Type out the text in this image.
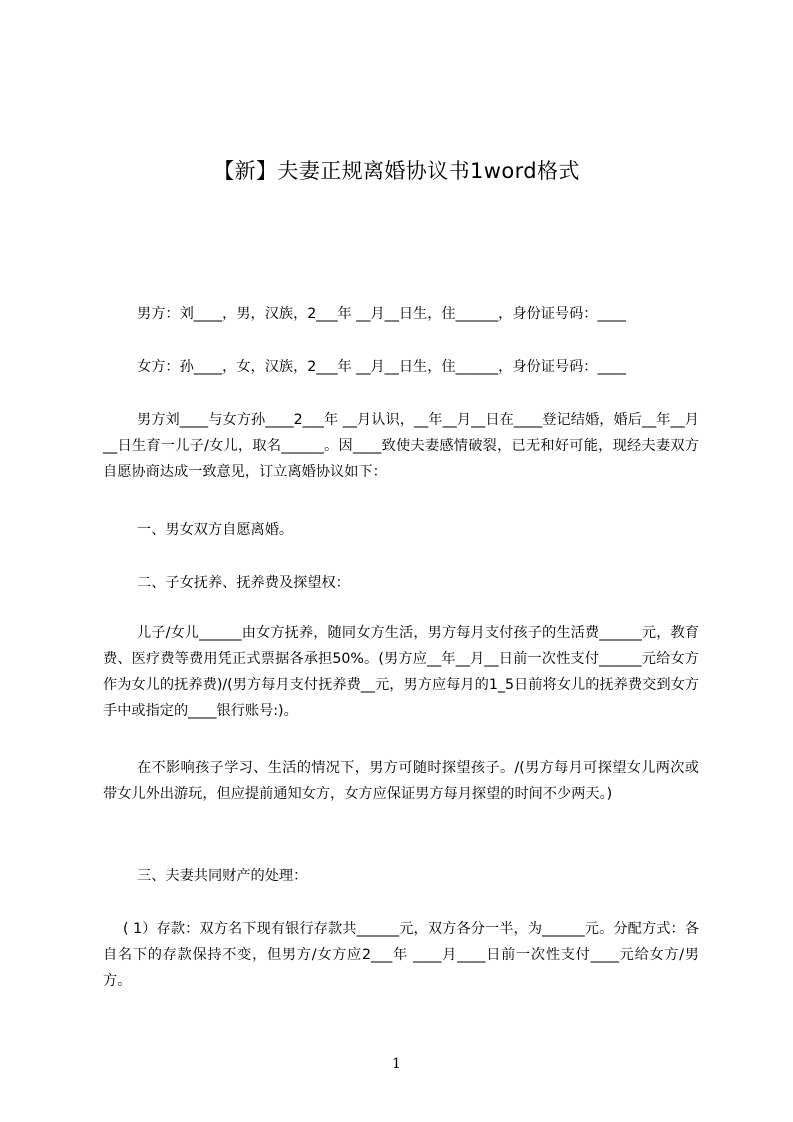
【新】夫妻正规离婚协议书1word格式

男方：刘____，男，汉族，2___年 __月__日生，住______，身份证号码：____

女方：孙____，女，汉族，2___年 __月__日生，住______，身份证号码：____

男方刘____与女方孙____2___年 __月认识，__年__月__日在____登记结婚，婚后__年__月__日生育一儿子/女儿，取名______。因____致使夫妻感情破裂，已无和好可能，现经夫妻双方自愿协商达成一致意见，订立离婚协议如下：

一、男女双方自愿离婚。

二、子女抚养、抚养费及探望权：

儿子/女儿______由女方抚养，随同女方生活，男方每月支付孩子的生活费______元，教育费、医疗费等费用凭正式票据各承担50%。(男方应__年__月__日前一次性支付______元给女方作为女儿的抚养费)/(男方每月支付抚养费__元，男方应每月的1_5日前将女儿的抚养费交到女方手中或指定的____银行账号:)。

在不影响孩子学习、生活的情况下，男方可随时探望孩子。/(男方每月可探望女儿两次或带女儿外出游玩，但应提前通知女方，女方应保证男方每月探望的时间不少两天。)

三、夫妻共同财产的处理：

( 1）存款：双方名下现有银行存款共______元，双方各分一半，为______元。分配方式：各自名下的存款保持不变，但男方/女方应2___年 ____月____日前一次性支付____元给女方/男方。

1
